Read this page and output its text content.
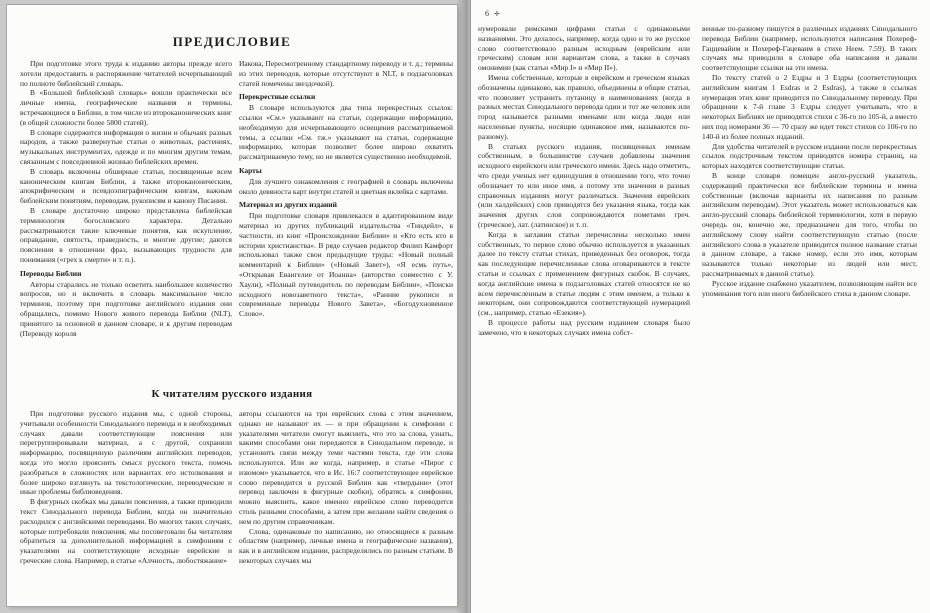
ПРЕДИСЛОВИЕ

При подготовке этого труда к изданию авторы прежде всего хотели предоставить в распоряжение читателей исчерпывающий по полноте библейский словарь.

В «Большой библейский словарь» вошли практически все личные имена, географические названия и термины, встречающиеся в Библии, в том числе из второканонических книг (в общей сложности более 5800 статей).

В словаре содержится информация о жизни и обычаях разных народов, а также развернутые статьи о животных, растениях, музыкальных инструментах, одежде и по многим другим темам, связанным с повседневной жизнью библейских времен.

В словарь включены обширные статьи, посвященные всем каноническим книгам Библии, а также второканоническим, апокрифическим и псевдоэпиграфическим книгам, важным библейским понятиям, переводам, рукописям и канону Писания.

В словаре достаточно широко представлена библейская терминология богословского характера. Детально рассматриваются такие ключевые понятия, как искупление, оправдание, святость, праведность, и многие другие; даются пояснения в отношении фраз, вызывающих трудности для понимания («грех к смерти» и т. п.).

Переводы Библии

Авторы старались не только осветить наибольшее количество вопросов, но и включить в словарь максимальное число терминов, поэтому при подготовке английского издания они обращались, помимо Нового живого перевода Библии (NLT), принятого за основной в данном словаре, и к другим переводам (Переводу короля

Иакова, Пересмотренному стандартному переводу и т. д.; термины из этих переводов, которые отсутствуют в NLT, в подзаголовках статей помечены звездочкой).

Перекрестные ссылки

В словаре используются два типа перекрестных ссылок: ссылки «См.» указывают на статьи, содержащие информацию, необходимую для исчерпывающего освещения рассматриваемой темы, а ссылки «См. тж.» указывают на статьи, содержащие информацию, которая позволяет более широко охватить рассматриваемую тему, но не является существенно необходимой.

Карты

Для лучшего ознакомления с географией в словарь включены около девяноста карт внутри статей и цветная вклейка с картами.

Материал из других изданий

При подготовке словаря привлекался в адаптированном виде материал из других публикаций издательства «Тиндейл», в частности, из книг «Происхождение Библии» и «Кто есть кто в истории христианства». В ряде случаев редактор Филип Камфорт использовал также свои предыдущие труды: «Новый полный комментарий к Библии» («Новый Завет»), «Я есмь путь», «Открывая Евангелие от Иоанна» (авторство совместно с У. Хаули), «Полный путеводитель по переводам Библии», «Поиски исходного новозаветного текста», «Ранние рукописи и современные переводы Нового Завета», «Богодухновенное Слово».

К читателям русского издания

При подготовке русского издания мы, с одной стороны, учитывали особенности Синодального перевода и в необходимых случаях давали соответствующие пояснения или перегруппировывали материал, а с другой, сохраняли информацию, посвященную различиям английских переводов, когда это могло прояснить смысл русского текста, помочь разобраться в сложностях или вариантах его истолкования и более широко взглянуть на текстологические, переводческие и иные проблемы библиоведения.

В фигурных скобках мы давали пояснения, а также приводили текст Синодального перевода Библии, когда он значительно расходился с английскими переводами. Во многих таких случаях, которые потребовали пояснения, мы посоветовали бы читателям обратиться за дополнительной информацией к симфониям с указателями на соответствующие исходные еврейские и греческие слова. Например, в статье «Алчность, любостяжание»

авторы ссылаются на три еврейских слова с этим значением, однако не называют их — и при обращении к симфонии с указателями читатели смогут выяснить, что это за слова, узнать, какими способами они передаются в Синодальном переводе, и установить связи между теми частями текста, где эти слова используются. Или же когда, например, в статье «Пирог с изюмом» указывается, что в Ис. 16:7 соответствующее еврейское слово переводится в русской Библии как «твердыни» (этот перевод заключен в фигурные скобки), обратясь к симфонии, можно выяснить, какое именно еврейское слово переводится столь разными способами, а затем при желании найти сведения о нем по другим справочникам.

Слова, одинаковые по написанию, но относящиеся к разным областям (например, личные имена и географические названия), как и в английском издании, распределялись по разным статьям. В некоторых случаях мы

6 ✛

нумеровали римскими цифрами статьи с одинаковыми названиями. Это делалось, например, когда одно и то же русское слово соответствовало разным исходным (еврейским или греческим) словам или вариантам слова, а также в случаях омонимии (как статьи «Мир I» и «Мир II»).

Имена собственные, которые в еврейском и греческом языках обозначены одинаково, как правило, объединены в общие статьи, что позволяет устранить путаницу в наименованиях (когда в разных местах Синодального перевода один и тот же человек или город называется разными именами или когда люди или населенные пункты, носящие одинаковое имя, называются по-разному).

В статьях русского издания, посвященных именам собственным, в большинстве случаев добавлены значения исходного еврейского или греческого имени. Здесь надо отметить, что среди ученых нет единодушия в отношении того, что точно обозначает то или иное имя, а потому эти значения в разных справочных изданиях могут различаться. Значения еврейских (или халдейских) слов приводятся без указания языка, тогда как значения других слов сопровождаются пометами греч. (греческое), лат. (латинское) и т. п.

Когда в заглавии статьи перечислены несколько имен собственных, то первое слово обычно используется в указанных далее по тексту статьи стихах, приведенных без оговорок, тогда как последующие перечисленные слова оговариваются в тексте статьи и ссылках с применением фигурных скобок. В случаях, когда английские имена в подзаголовках статей относятся не ко всем перечисленным в статье людям с этим именем, а только к некоторым, они сопровождаются соответствующей нумерацией (см., например, статью «Езекия»).

В процессе работы над русским изданием словаря было замечено, что в некоторых случаях имена собст-

венные по-разному пишутся в различных изданиях Синодального перевода Библии (например, используются написания Похереф-Гаццевайим и Похереф-Гацеваим в стихе Неем. 7.59). В таких случаях мы приводили в словаре оба написания и давали соответствующие ссылки на эти имена.

По тексту статей о 2 Ездры и 3 Ездры (соответствующих английским книгам 1 Esdras и 2 Esdras), а также в ссылках нумерация этих книг приводится по Синодальному переводу. При обращении к 7-й главе 3 Ездры следует учитывать, что в некоторых Библиях не приводятся стихи с 36-го по 105-й, а вместо них под номерами 36 — 70 сразу же идет текст стихов со 106-го по 140-й из более полных изданий.

Для удобства читателей в русском издании после перекрестных ссылок подстрочным текстом приводятся номера страниц, на которых находятся соответствующие статьи.

В конце словаря помещен англо-русский указатель, содержащий практически все библейские термины и имена собственные (включая варианты их написания по разным английским переводам). Этот указатель может использоваться как англо-русский словарь библейской терминологии, хотя в первую очередь он, конечно же, предназначен для того, чтобы по английскому слову найти соответствующую статью (после английского слова в указателе приводится полное название статьи в данном словаре, а также номер, если это имя, которым называются только некоторые из людей или мест, рассматриваемых в данной статье).

Русское издание снабжено указателем, позволяющим найти все упоминания того или иного библейского стиха в данном словаре.
